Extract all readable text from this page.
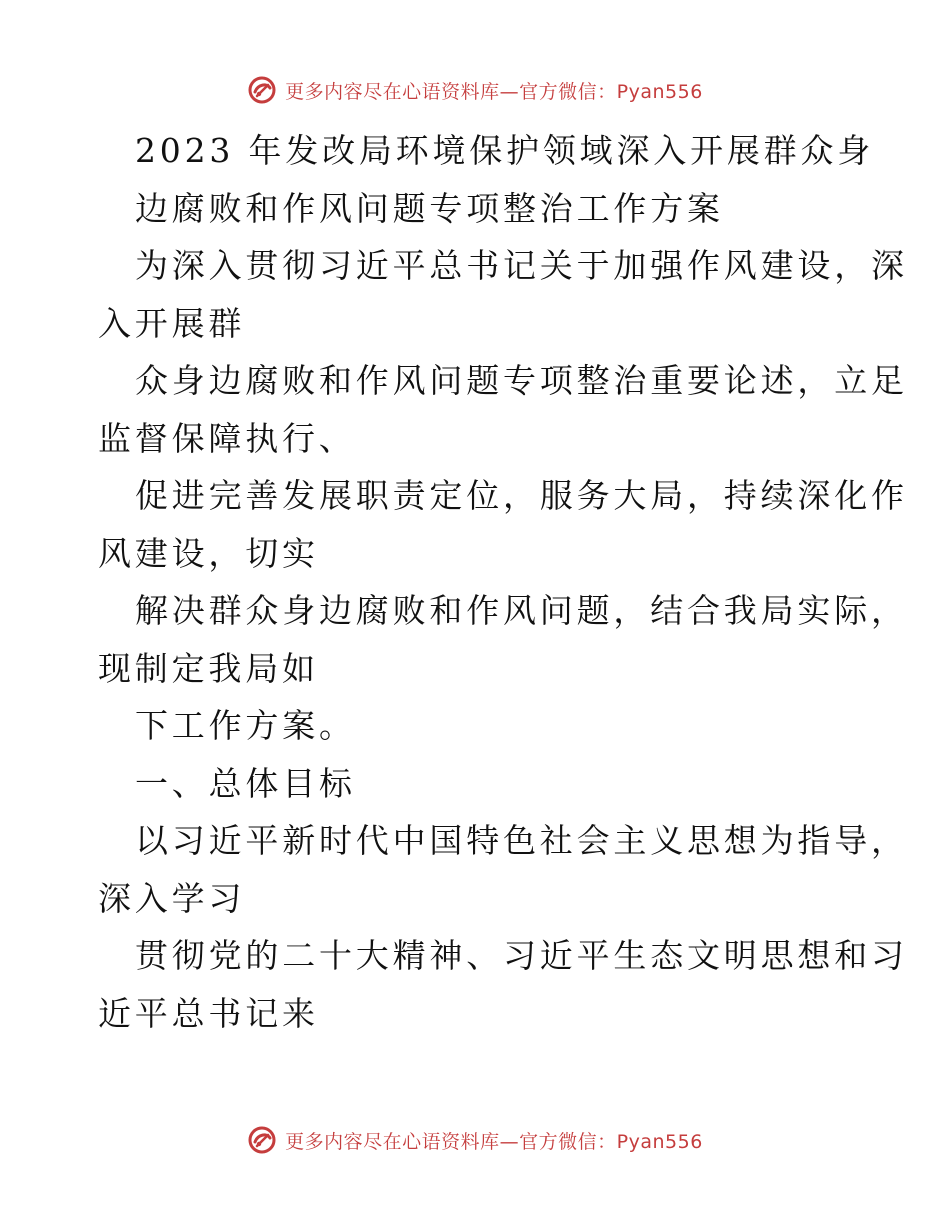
更多内容尽在心语资料库—官方微信：Pyan556
2023 年发改局环境保护领域深入开展群众身
边腐败和作风问题专项整治工作方案
为深入贯彻习近平总书记关于加强作风建设，深
入开展群
众身边腐败和作风问题专项整治重要论述，立足
监督保障执行、
促进完善发展职责定位，服务大局，持续深化作
风建设，切实
解决群众身边腐败和作风问题，结合我局实际，
现制定我局如
下工作方案。
一、总体目标
以习近平新时代中国特色社会主义思想为指导，
深入学习
贯彻党的二十大精神、习近平生态文明思想和习
近平总书记来
更多内容尽在心语资料库—官方微信：Pyan556
